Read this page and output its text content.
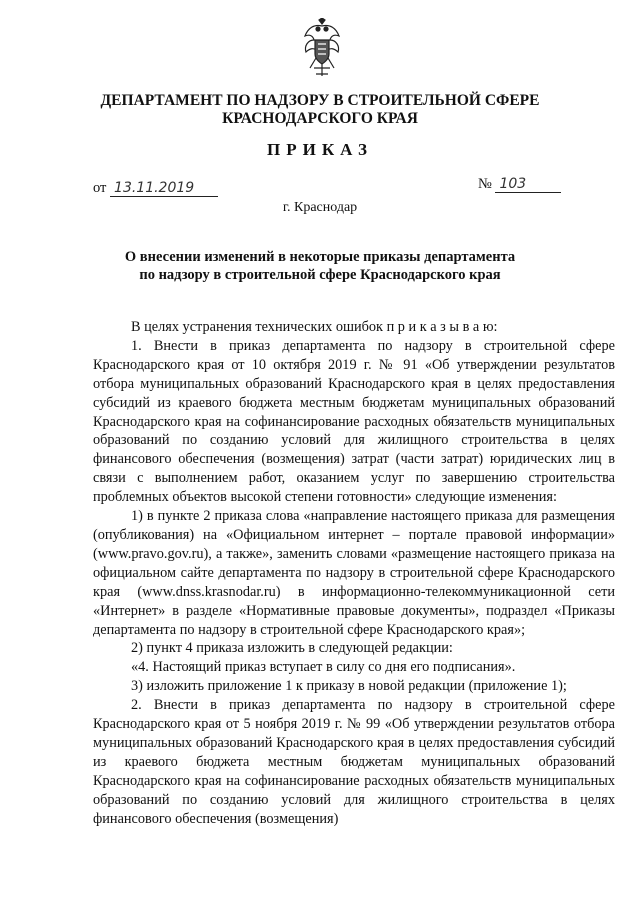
ДЕПАРТАМЕНТ ПО НАДЗОРУ В СТРОИТЕЛЬНОЙ СФЕРЕ
КРАСНОДАРСКОГО КРАЯ
ПРИКАЗ
от 13.11.2019	№ 103
г. Краснодар
О внесении изменений в некоторые приказы департамента
по надзору в строительной сфере Краснодарского края

В целях устранения технических ошибок п р и к а з ы в а ю:

1. Внести в приказ департамента по надзору в строительной сфере Краснодарского края от 10 октября 2019 г. № 91 «Об утверждении результатов отбора муниципальных образований Краснодарского края в целях предоставления субсидий из краевого бюджета местным бюджетам муниципальных образований Краснодарского края на софинансирование расходных обязательств муниципальных образований по созданию условий для жилищного строительства в целях финансового обеспечения (возмещения) затрат (части затрат) юридических лиц в связи с выполнением работ, оказанием услуг по завершению строительства проблемных объектов высокой степени готовности» следующие изменения:

1) в пункте 2 приказа слова «направление настоящего приказа для размещения (опубликования) на «Официальном интернет – портале правовой информации» (www.pravo.gov.ru), а также», заменить словами «размещение настоящего приказа на официальном сайте департамента по надзору в строительной сфере Краснодарского края (www.dnss.krasnodar.ru) в информационно-телекоммуникационной сети «Интернет» в разделе «Нормативные правовые документы», подраздел «Приказы департамента по надзору в строительной сфере Краснодарского края»;

2) пункт 4 приказа изложить в следующей редакции:

«4. Настоящий приказ вступает в силу со дня его подписания».

3) изложить приложение 1 к приказу в новой редакции (приложение 1);

2. Внести в приказ департамента по надзору в строительной сфере Краснодарского края от 5 ноября 2019 г. № 99 «Об утверждении результатов отбора муниципальных образований Краснодарского края в целях предоставления субсидий из краевого бюджета местным бюджетам муниципальных образований Краснодарского края на софинансирование расходных обязательств муниципальных образований по созданию условий для жилищного строительства в целях финансового обеспечения (возмещения)
